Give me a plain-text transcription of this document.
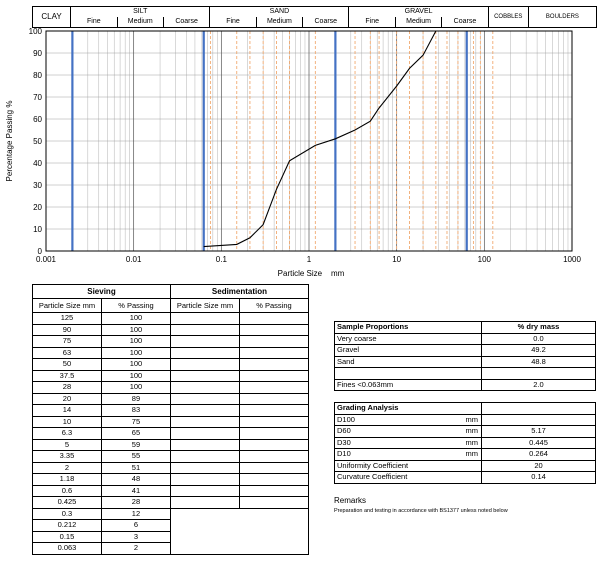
CLAY	SILT			SAND			GRAVEL			COBBLES	BOULDERS
	Fine	Medium	Coarse	Fine	Medium	Coarse	Fine	Medium	Coarse		
0
10
20
30
40
50
60
70
80
90
100
0.001	0.01	0.1	1	10	100	1000
Percentage Passing %
Particle Size    mm
Sieving		Sedimentation	
Particle Size mm	% Passing	Particle Size mm	% Passing
125	100		
90	100		
75	100		
63	100		
50	100		
37.5	100		
28	100		
20	89		
14	83		
10	75		
6.3	65		
5	59		
3.35	55		
2	51		
1.18	48		
0.6	41		
0.425	28		
0.3	12		
0.212	6		
0.15	3		
0.063	2		
Sample Proportions	% dry mass
Very coarse	0.0
Gravel	49.2
Sand	48.8

Fines <0.063mm	2.0
Grading Analysis		
D100	mm	
D60	mm	5.17
D30	mm	0.445
D10	mm	0.264
Uniformity Coefficient		20
Curvature Coefficient		0.14
Remarks
Preparation and testing in accordance with BS1377 unless noted below
